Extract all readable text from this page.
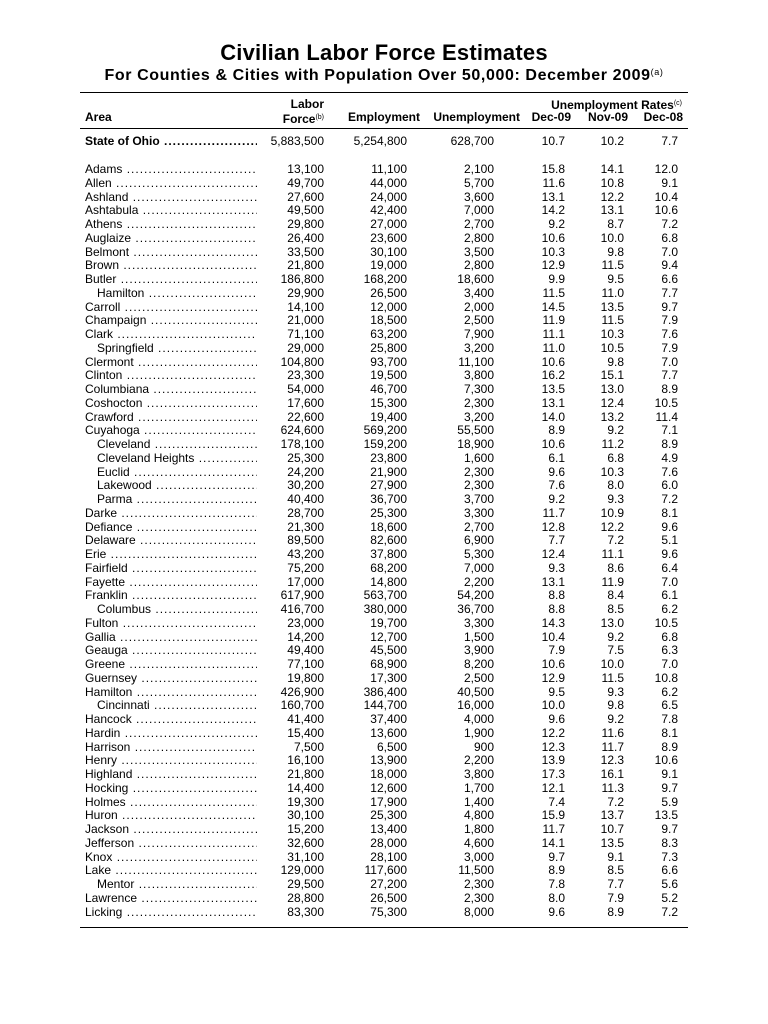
Civilian Labor Force Estimates
For Counties & Cities with Population Over 50,000: December 2009$^{(a)}$
Area
Labor
Force$^{(b)}$ Employment Unemployment
Unemployment Rates$^{(c)}$
Dec-09 Nov-09 Dec-08
State of Ohio .....	5,883,500 5,254,800	628,700	10.7	10.2	7.7
Adams .....	13,100	11,100	2,100	15.8	14.1	12.0
Allen .....	49,700	44,000	5,700	11.6	10.8	9.1
Ashland .....	27,600	24,000	3,600	13.1	12.2	10.4
Ashtabula .....	49,500	42,400	7,000	14.2	13.1	10.6
Athens .....	29,800	27,000	2,700	9.2	8.7	7.2
Auglaize .....	26,400	23,600	2,800	10.6	10.0	6.8
Belmont .....	33,500	30,100	3,500	10.3	9.8	7.0
Brown .....	21,800	19,000	2,800	12.9	11.5	9.4
Butler .....	186,800	168,200	18,600	9.9	9.5	6.6
Hamilton .....	29,900	26,500	3,400	11.5	11.0	7.7
Carroll .....	14,100	12,000	2,000	14.5	13.5	9.7
Champaign .....	21,000	18,500	2,500	11.9	11.5	7.9
Clark .....	71,100	63,200	7,900	11.1	10.3	7.6
Springfield .....	29,000	25,800	3,200	11.0	10.5	7.9
Clermont .....	104,800	93,700	11,100	10.6	9.8	7.0
Clinton .....	23,300	19,500	3,800	16.2	15.1	7.7
Columbiana .....	54,000	46,700	7,300	13.5	13.0	8.9
Coshocton .....	17,600	15,300	2,300	13.1	12.4	10.5
Crawford .....	22,600	19,400	3,200	14.0	13.2	11.4
Cuyahoga .....	624,600	569,200	55,500	8.9	9.2	7.1
Cleveland .....	178,100	159,200	18,900	10.6	11.2	8.9
Cleveland Heights .....	25,300	23,800	1,600	6.1	6.8	4.9
Euclid .....	24,200	21,900	2,300	9.6	10.3	7.6
Lakewood .....	30,200	27,900	2,300	7.6	8.0	6.0
Parma .....	40,400	36,700	3,700	9.2	9.3	7.2
Darke .....	28,700	25,300	3,300	11.7	10.9	8.1
Defiance .....	21,300	18,600	2,700	12.8	12.2	9.6
Delaware .....	89,500	82,600	6,900	7.7	7.2	5.1
Erie .....	43,200	37,800	5,300	12.4	11.1	9.6
Fairfield .....	75,200	68,200	7,000	9.3	8.6	6.4
Fayette .....	17,000	14,800	2,200	13.1	11.9	7.0
Franklin .....	617,900	563,700	54,200	8.8	8.4	6.1
Columbus .....	416,700	380,000	36,700	8.8	8.5	6.2
Fulton .....	23,000	19,700	3,300	14.3	13.0	10.5
Gallia .....	14,200	12,700	1,500	10.4	9.2	6.8
Geauga .....	49,400	45,500	3,900	7.9	7.5	6.3
Greene .....	77,100	68,900	8,200	10.6	10.0	7.0
Guernsey .....	19,800	17,300	2,500	12.9	11.5	10.8
Hamilton .....	426,900	386,400	40,500	9.5	9.3	6.2
Cincinnati .....	160,700	144,700	16,000	10.0	9.8	6.5
Hancock .....	41,400	37,400	4,000	9.6	9.2	7.8
Hardin .....	15,400	13,600	1,900	12.2	11.6	8.1
Harrison .....	7,500	6,500	900	12.3	11.7	8.9
Henry .....	16,100	13,900	2,200	13.9	12.3	10.6
Highland .....	21,800	18,000	3,800	17.3	16.1	9.1
Hocking .....	14,400	12,600	1,700	12.1	11.3	9.7
Holmes .....	19,300	17,900	1,400	7.4	7.2	5.9
Huron .....	30,100	25,300	4,800	15.9	13.7	13.5
Jackson .....	15,200	13,400	1,800	11.7	10.7	9.7
Jefferson .....	32,600	28,000	4,600	14.1	13.5	8.3
Knox .....	31,100	28,100	3,000	9.7	9.1	7.3
Lake .....	129,000	117,600	11,500	8.9	8.5	6.6
Mentor .....	29,500	27,200	2,300	7.8	7.7	5.6
Lawrence .....	28,800	26,500	2,300	8.0	7.9	5.2
Licking .....	83,300	75,300	8,000	9.6	8.9	7.2
